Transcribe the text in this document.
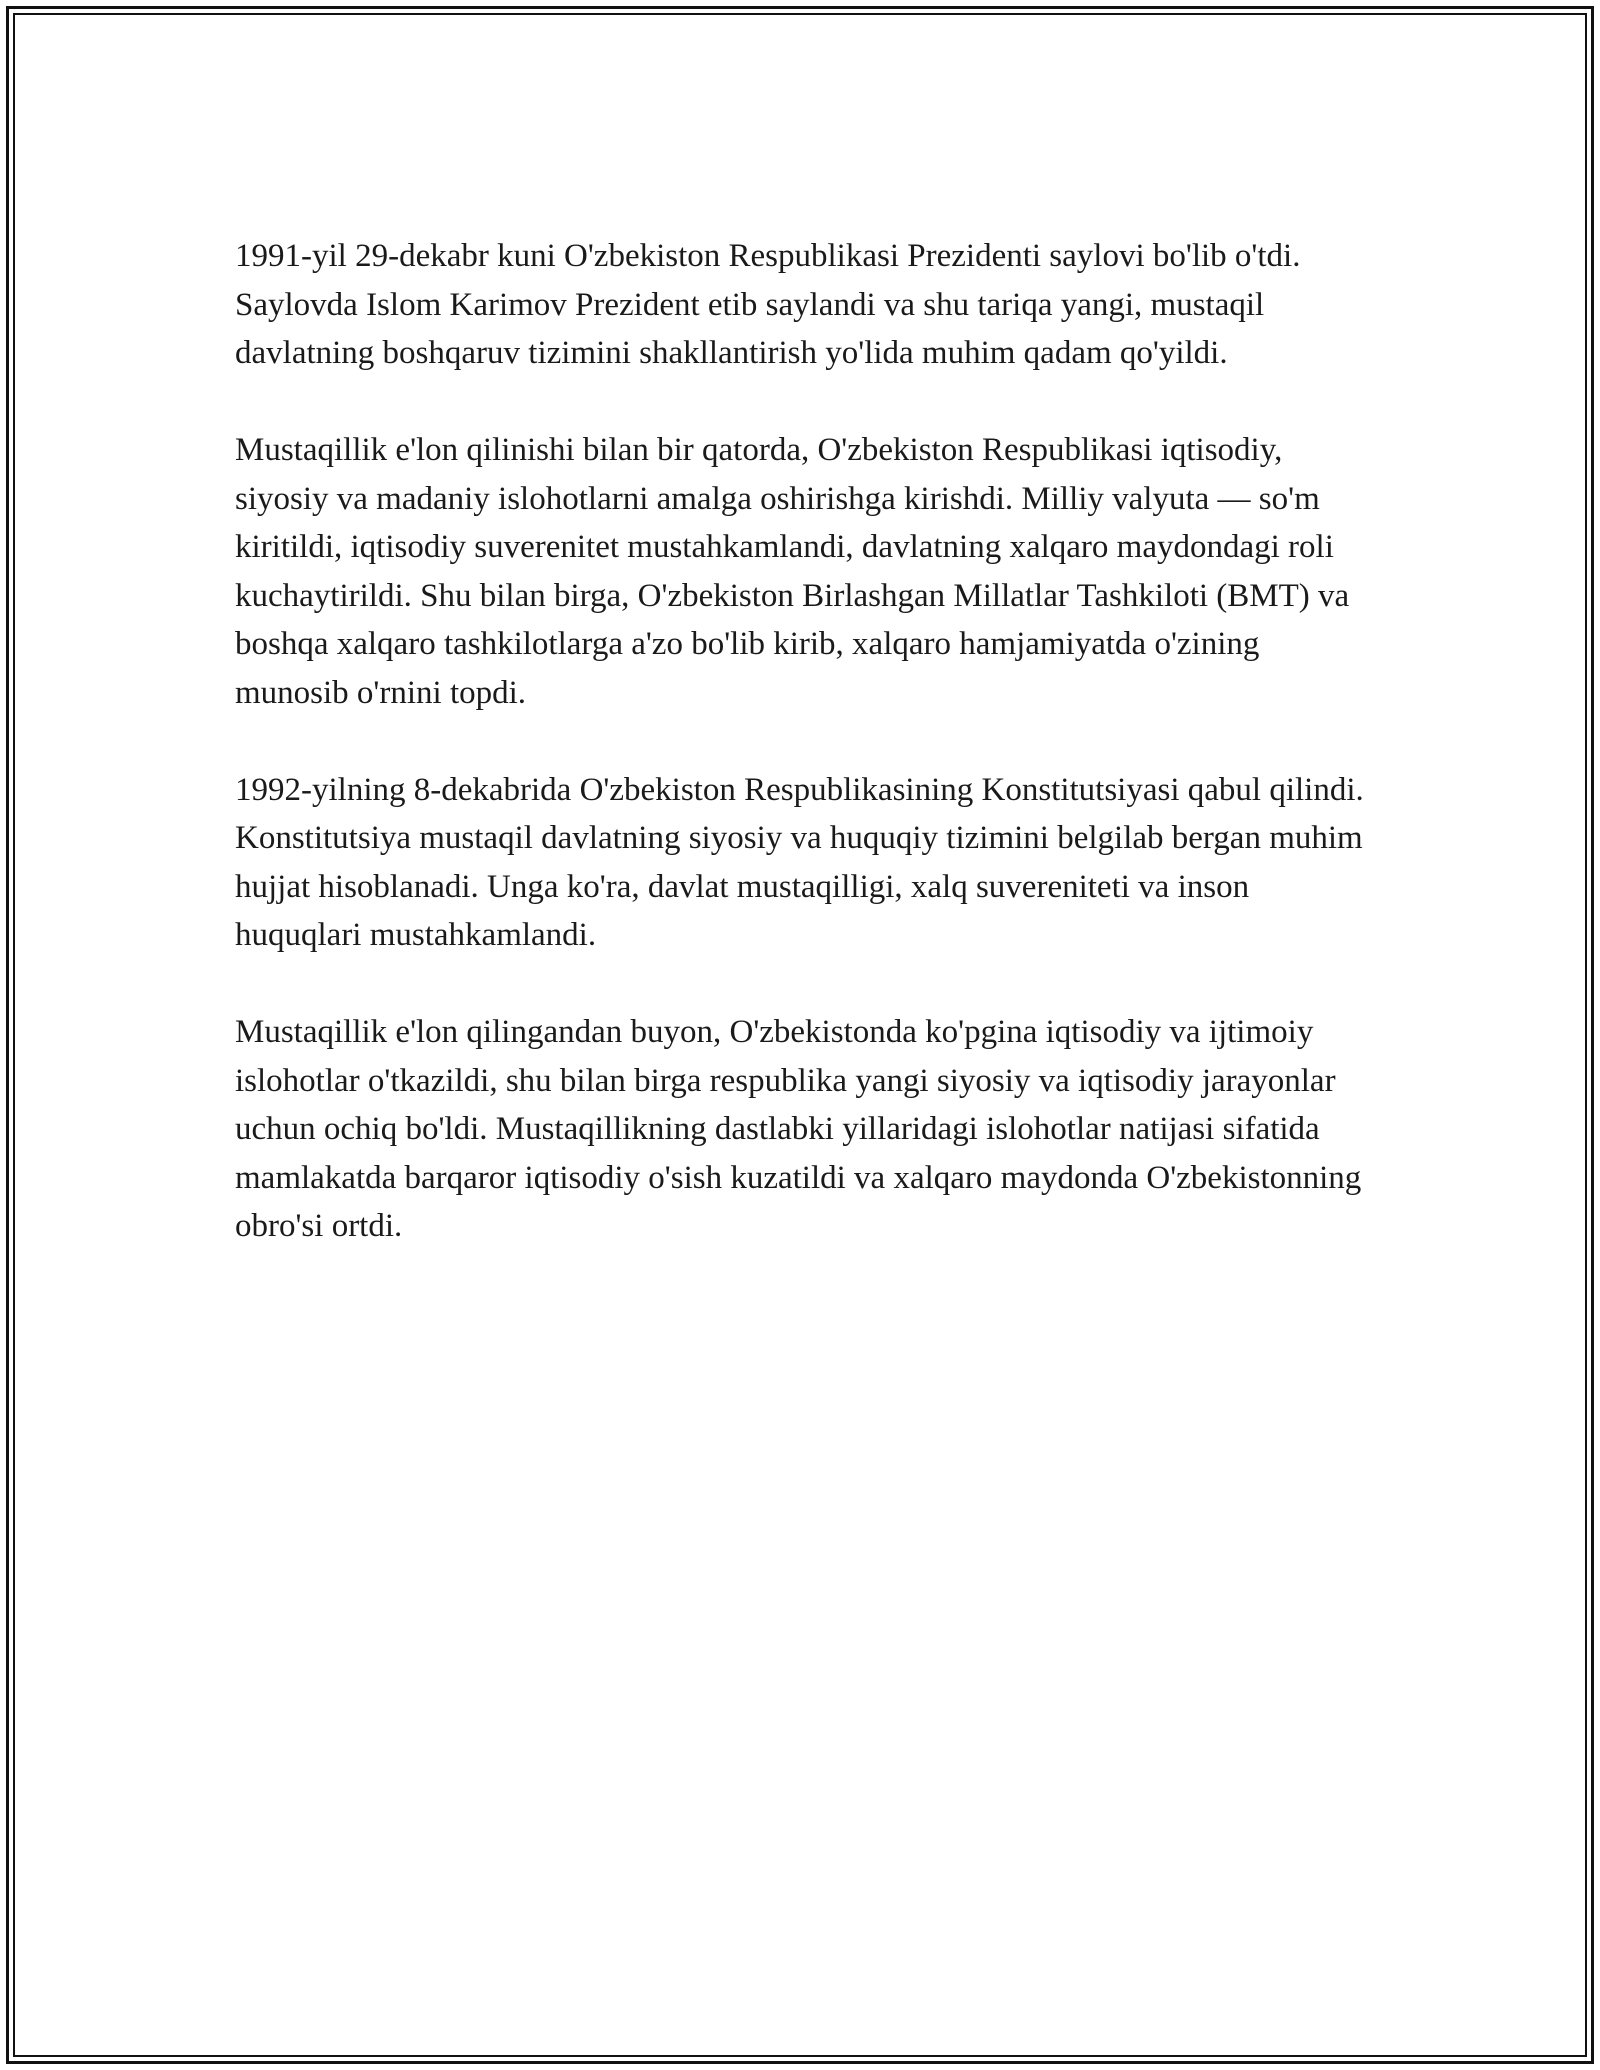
1991-yil 29-dekabr kuni O'zbekiston Respublikasi Prezidenti saylovi bo'lib o'tdi. Saylovda Islom Karimov Prezident etib saylandi va shu tariqa yangi, mustaqil davlatning boshqaruv tizimini shakllantirish yo'lida muhim qadam qo'yildi.

Mustaqillik e'lon qilinishi bilan bir qatorda, O'zbekiston Respublikasi iqtisodiy, siyosiy va madaniy islohotlarni amalga oshirishga kirishdi. Milliy valyuta — so'm kiritildi, iqtisodiy suverenitet mustahkamlandi, davlatning xalqaro maydondagi roli kuchaytirildi. Shu bilan birga, O'zbekiston Birlashgan Millatlar Tashkiloti (BMT) va boshqa xalqaro tashkilotlarga a'zo bo'lib kirib, xalqaro hamjamiyatda o'zining munosib o'rnini topdi.

1992-yilning 8-dekabrida O'zbekiston Respublikasining Konstitutsiyasi qabul qilindi. Konstitutsiya mustaqil davlatning siyosiy va huquqiy tizimini belgilab bergan muhim hujjat hisoblanadi. Unga ko'ra, davlat mustaqilligi, xalq suvereniteti va inson huquqlari mustahkamlandi.

Mustaqillik e'lon qilingandan buyon, O'zbekistonda ko'pgina iqtisodiy va ijtimoiy islohotlar o'tkazildi, shu bilan birga respublika yangi siyosiy va iqtisodiy jarayonlar uchun ochiq bo'ldi. Mustaqillikning dastlabki yillaridagi islohotlar natijasi sifatida mamlakatda barqaror iqtisodiy o'sish kuzatildi va xalqaro maydonda O'zbekistonning obro'si ortdi.
